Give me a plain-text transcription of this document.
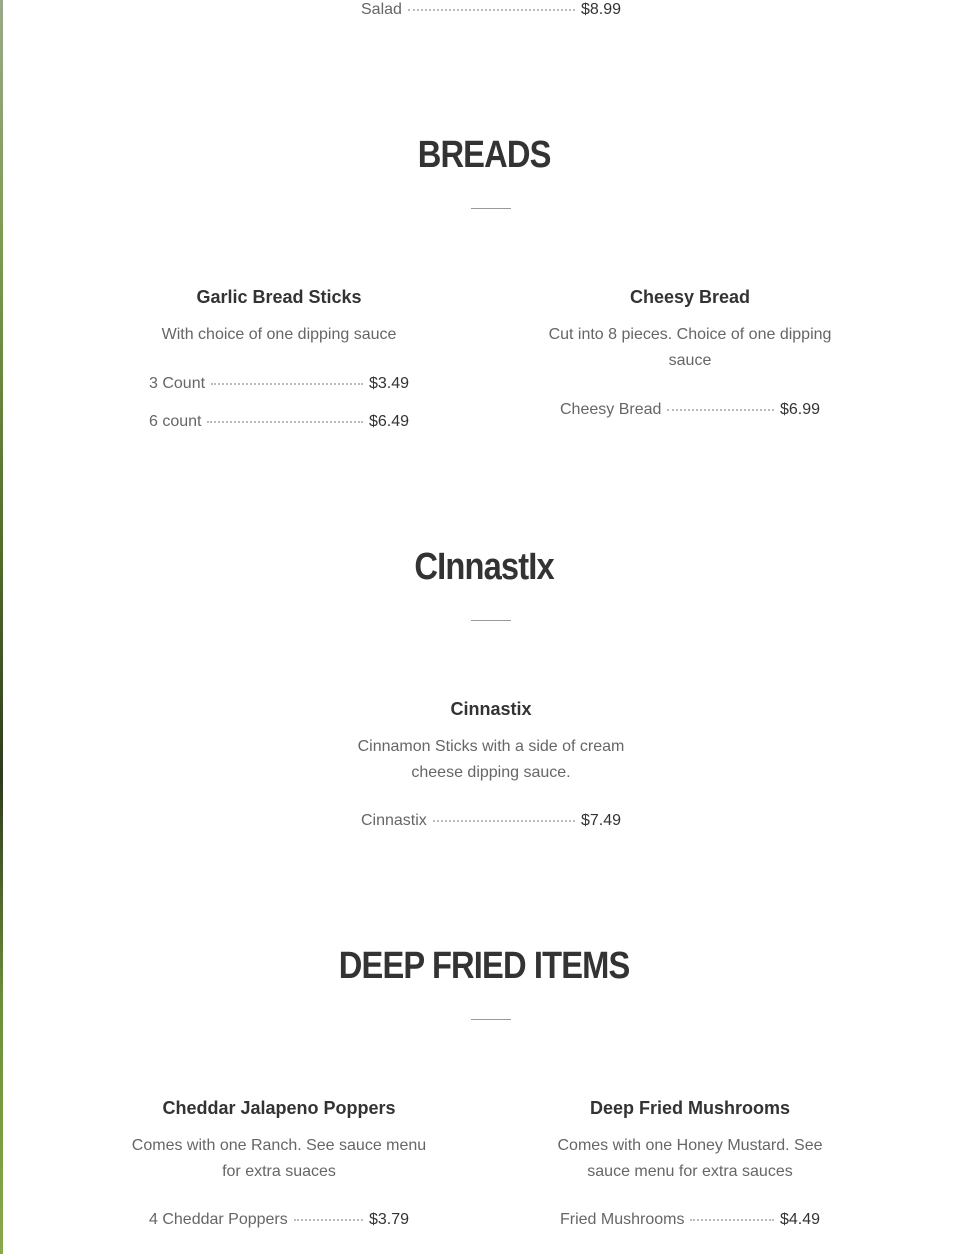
Salad	$8.99
BREADS

Garlic Bread Sticks

With choice of one dipping sauce

3 Count	$3.49
6 count	$6.49

Cheesy Bread

Cut into 8 pieces. Choice of one dipping sauce

Cheesy Bread	$6.99
CInnastIx

Cinnastix

Cinnamon Sticks with a side of cream cheese dipping sauce.

Cinnastix	$7.49
DEEP FRIED ITEMS

Cheddar Jalapeno Poppers

Comes with one Ranch. See sauce menu for extra suaces

4 Cheddar Poppers	$3.79

Deep Fried Mushrooms

Comes with one Honey Mustard. See sauce menu for extra sauces

Fried Mushrooms	$4.49
